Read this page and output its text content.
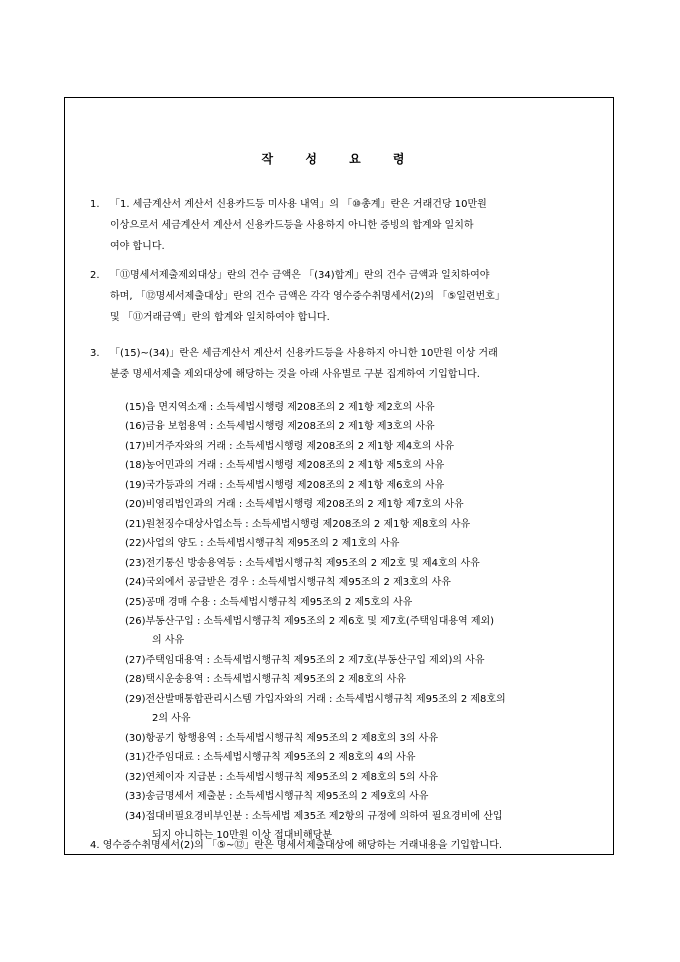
작 성 요 령
1.	「1. 세금계산서 계산서 신용카드등 미사용 내역」의 「⑩총계」란은 거래건당 10만원
이상으로서 세금계산서 계산서 신용카드등을 사용하지 아니한 증빙의 합계와 일치하
여야 합니다.
2.	「⑪명세서제출제외대상」란의 건수 금액은 「(34)합계」란의 건수 금액과 일치하여야
하며, 「⑫명세서제출대상」란의 건수 금액은 각각 영수증수취명세서(2)의 「⑤일련번호」
및 「⑪거래금액」란의 합계와 일치하여야 합니다.
3.	「(15)~(34)」란은 세금계산서 계산서 신용카드등을 사용하지 아니한 10만원 이상 거래
분중 명세서제출 제외대상에 해당하는 것을 아래 사유별로 구분 집계하여 기입합니다.
(15)읍 면지역소재 : 소득세법시행령 제208조의 2 제1항 제2호의 사유
(16)금융 보험용역 : 소득세법시행령 제208조의 2 제1항 제3호의 사유
(17)비거주자와의 거래 : 소득세법시행령 제208조의 2 제1항 제4호의 사유
(18)농어민과의 거래 : 소득세법시행령 제208조의 2 제1항 제5호의 사유
(19)국가등과의 거래 : 소득세법시행령 제208조의 2 제1항 제6호의 사유
(20)비영리법인과의 거래 : 소득세법시행령 제208조의 2 제1항 제7호의 사유
(21)원천징수대상사업소득 : 소득세법시행령 제208조의 2 제1항 제8호의 사유
(22)사업의 양도 : 소득세법시행규칙 제95조의 2 제1호의 사유
(23)전기통신 방송용역등 : 소득세법시행규칙 제95조의 2 제2호 및 제4호의 사유
(24)국외에서 공급받은 경우 : 소득세법시행규칙 제95조의 2 제3호의 사유
(25)공매 경매 수용 : 소득세법시행규칙 제95조의 2 제5호의 사유
(26)부동산구입 : 소득세법시행규칙 제95조의 2 제6호 및 제7호(주택임대용역 제외)
의 사유
(27)주택임대용역 : 소득세법시행규칙 제95조의 2 제7호(부동산구입 제외)의 사유
(28)택시운송용역 : 소득세법시행규칙 제95조의 2 제8호의 사유
(29)전산발매통합관리시스템 가입자와의 거래 : 소득세법시행규칙 제95조의 2 제8호의
2의 사유
(30)항공기 항행용역 : 소득세법시행규칙 제95조의 2 제8호의 3의 사유
(31)간주임대료 : 소득세법시행규칙 제95조의 2 제8호의 4의 사유
(32)연체이자 지급분 : 소득세법시행규칙 제95조의 2 제8호의 5의 사유
(33)송금명세서 제출분 : 소득세법시행규칙 제95조의 2 제9호의 사유
(34)접대비필요경비부인분 : 소득세법 제35조 제2항의 규정에 의하여 필요경비에 산입
되지 아니하는 10만원 이상 접대비해당분
4. 영수증수취명세서(2)의 「⑤~⑫」란은 명세서제출대상에 해당하는 거래내용을 기입합니다.
